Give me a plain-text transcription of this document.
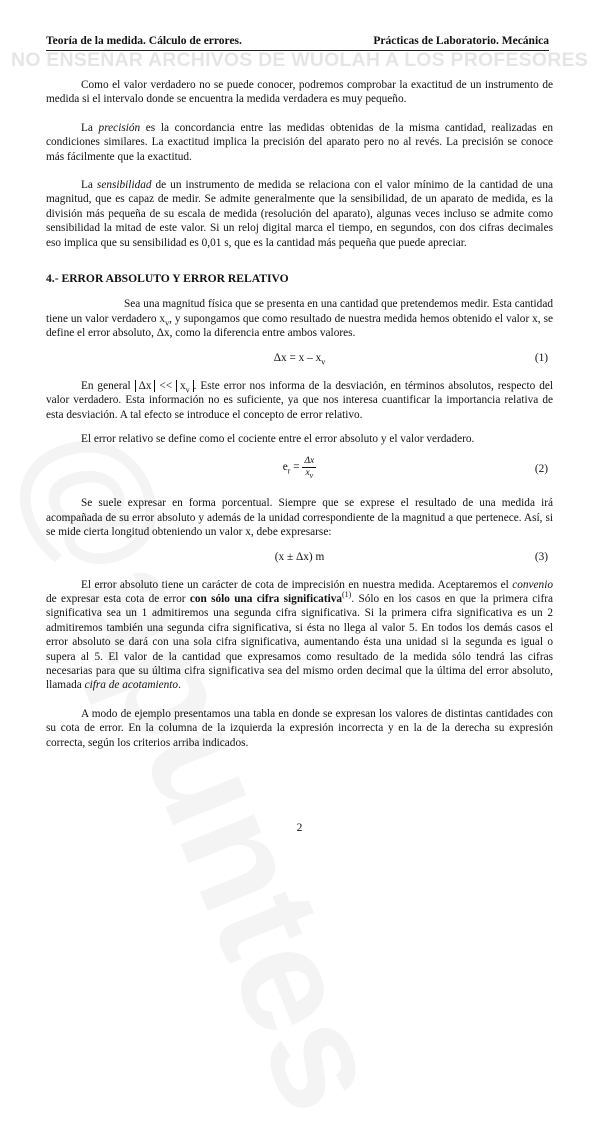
Teoría de la medida. Cálculo de errores.	Prácticas de Laboratorio. Mecánica
NO ENSEÑAR ARCHIVOS DE WUOLAH A LOS PROFESORES

Como el valor verdadero no se puede conocer, podremos comprobar la exactitud de un instrumento de medida si el intervalo donde se encuentra la medida verdadera es muy pequeño.

La precisión es la concordancia entre las medidas obtenidas de la misma cantidad, realizadas en condiciones similares. La exactitud implica la precisión del aparato pero no al revés. La precisión se conoce más fácilmente que la exactitud.

La sensibilidad de un instrumento de medida se relaciona con el valor mínimo de la cantidad de una magnitud, que es capaz de medir. Se admite generalmente que la sensibilidad, de un aparato de medida, es la división más pequeña de su escala de medida (resolución del aparato), algunas veces incluso se admite como sensibilidad la mitad de este valor. Si un reloj digital marca el tiempo, en segundos, con dos cifras decimales eso implica que su sensibilidad es 0,01 s, que es la cantidad más pequeña que puede apreciar.

4.- ERROR ABSOLUTO Y ERROR RELATIVO

Sea una magnitud física que se presenta en una cantidad que pretendemos medir. Esta cantidad tiene un valor verdadero $x_v$, y supongamos que como resultado de nuestra medida hemos obtenido el valor x, se define el error absoluto, Δx, como la diferencia entre ambos valores.

$\Delta x = x - x_v$	(1)

En general $\Delta x << x_v$ . Este error nos informa de la desviación, en términos absolutos, respecto del valor verdadero. Esta información no es suficiente, ya que nos interesa cuantificar la importancia relativa de esta desviación. A tal efecto se introduce el concepto de error relativo.

El error relativo se define como el cociente entre el error absoluto y el valor verdadero.

$e_r = \frac{\Delta x}{x_v}$	(2)

Se suele expresar en forma porcentual. Siempre que se exprese el resultado de una medida irá acompañada de su error absoluto y además de la unidad correspondiente de la magnitud a que pertenece. Así, si se mide cierta longitud obteniendo un valor x, debe expresarse:

(x ± Δx) m	(3)

El error absoluto tiene un carácter de cota de imprecisión en nuestra medida. Aceptaremos el convenio de expresar esta cota de error con sólo una cifra significativa$^{(1)}$. Sólo en los casos en que la primera cifra significativa sea un 1 admitiremos una segunda cifra significativa. Si la primera cifra significativa es un 2 admitiremos también una segunda cifra significativa, si ésta no llega al valor 5. En todos los demás casos el error absoluto se dará con una sola cifra significativa, aumentando ésta una unidad si la segunda es igual o supera al 5. El valor de la cantidad que expresamos como resultado de la medida sólo tendrá las cifras necesarias para que su última cifra significativa sea del mismo orden decimal que la última del error absoluto, llamada cifra de acotamiento.

A modo de ejemplo presentamos una tabla en donde se expresan los valores de distintas cantidades con su cota de error. En la columna de la izquierda la expresión incorrecta y en la de la derecha su expresión correcta, según los criterios arriba indicados.

2
